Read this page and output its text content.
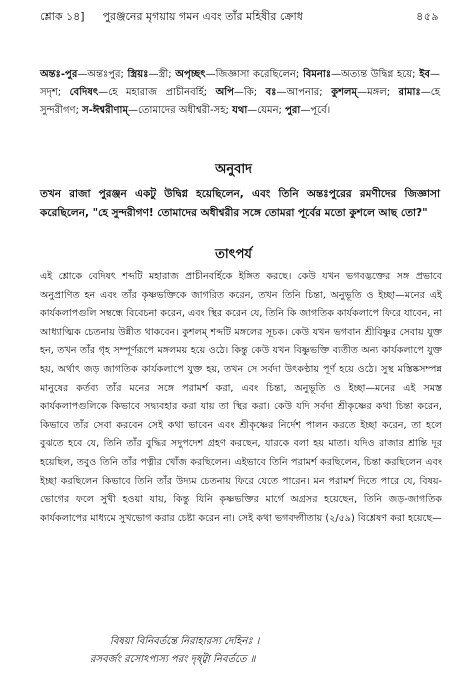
শ্লোক ১৪] পুরঞ্জনের মৃগয়ায় গমন এবং তাঁর মহিষীর ক্রোধ	৪৫৯
অন্তঃ-পুর—অন্তঃপুর; স্ত্রিয়ঃ—স্ত্রী; অপৃচ্ছৎ—জিজ্ঞাসা করেছিলেন; বিমনাঃ—অত্যন্ত উদ্বিগ্ন হয়ে; ইব—সদৃশ; বেদিষৎ—হে মহারাজ প্রাচীনবর্হি; অপি—কি; বঃ—আপনার; কুশলম্—মঙ্গল; রামাঃ—হে সুন্দরীগণ; স-ঈশ্বরীণাম্—তোমাদের অধীশ্বরী-সহ; যথা—যেমন; পুরা—পূর্বে।
অনুবাদ
তখন রাজা পুরঞ্জন একটু উদ্বিগ্ন হয়েছিলেন, এবং তিনি অন্তঃপুরের রমণীদের জিজ্ঞাসা করেছিলেন, "হে সুন্দরীগণ! তোমাদের অধীশ্বরীর সঙ্গে তোমরা পূর্বের মতো কুশলে আছ তো?"
তাৎপর্য

এই শ্লোকে বেদিষৎ শব্দটি মহারাজ প্রাচীনবর্হিকে ইঙ্গিত করছে। কেউ যখন ভগবদ্ভক্তের সঙ্গ প্রভাবে অনুপ্রাণিত হন এবং তাঁর কৃষ্ণভক্তিকে জাগরিত করেন, তখন তিনি চিন্তা, অনুভূতি ও ইচ্ছা—মনের এই কার্যকলাপগুলি সম্বন্ধে বিবেচনা করেন, এবং স্থির করেন যে, তিনি কি জাগতিক কার্যকলাপে ফিরে যাবেন, না আধ্যাত্মিক চেতনায় উন্নীত থাকবেন। কুশলম্ শব্দটি মঙ্গলের সূচক। কেউ যখন ভগবান শ্রীবিষ্ণুর সেবায় যুক্ত হন, তখন তাঁর গৃহ সম্পূর্ণরূপে মঙ্গলময় হয়ে ওঠে। কিন্তু কেউ যখন বিষ্ণুভক্তি ব্যতীত অন্য কার্যকলাপে যুক্ত হয়, অর্থাৎ জড় জাগতিক কার্যকলাপে যুক্ত হয়, তখন সে সর্বদা উৎকণ্ঠায় পূর্ণ হয়ে ওঠে। সুস্থ মস্তিষ্কসম্পন্ন মানুষের কর্তব্য তাঁর মনের সঙ্গে পরামর্শ করা, এবং চিন্তা, অনুভূতি ও ইচ্ছা—মনের এই সমস্ত কার্যকলাপগুলিকে কিভাবে সদ্ব্যবহার করা যায় তা স্থির করা। কেউ যদি সর্বদা শ্রীকৃষ্ণের কথা চিন্তা করেন, কিভাবে তাঁর সেবা করবেন সেই কথা ভাবেন এবং শ্রীকৃষ্ণের নির্দেশ পালন করতে ইচ্ছা করেন, তা হলে বুঝতে হবে যে, তিনি তাঁর বুদ্ধির সদুপদেশ গ্রহণ করছেন, যারকে বলা হয় মাতা। যদিও রাজার শ্রান্তি দূর হয়েছিল, তবুও তিনি তাঁর পত্নীর খোঁজ করছিলেন। এইভাবে তিনি পরামর্শ করছিলেন, চিন্তা করছিলেন এবং ইচ্ছা করছিলেন কিভাবে তিনি তাঁর উদ্যম চেতনায় ফিরে যেতে পারেন। মন পরামর্শ দিতে পারে যে, বিষয়-ভোগের ফলে সুখী হওয়া যায়, কিন্তু যিনি কৃষ্ণভক্তির মার্গে অগ্রসর হয়েছেন, তিনি জড়-জাগতিক কার্যকলাপের মাধ্যমে সুখভোগ করার চেষ্টা করেন না। সেই কথা ভগবদ্গীতায় (২/৫৯) বিশ্লেষণ করা হয়েছে—

বিষয়া বিনিবর্তন্তে নিরাহারস্য দেহিনঃ ।
রসবর্জং রসোঽপ্যস্য পরং দৃষ্ট্বা নিবর্ততে ॥
